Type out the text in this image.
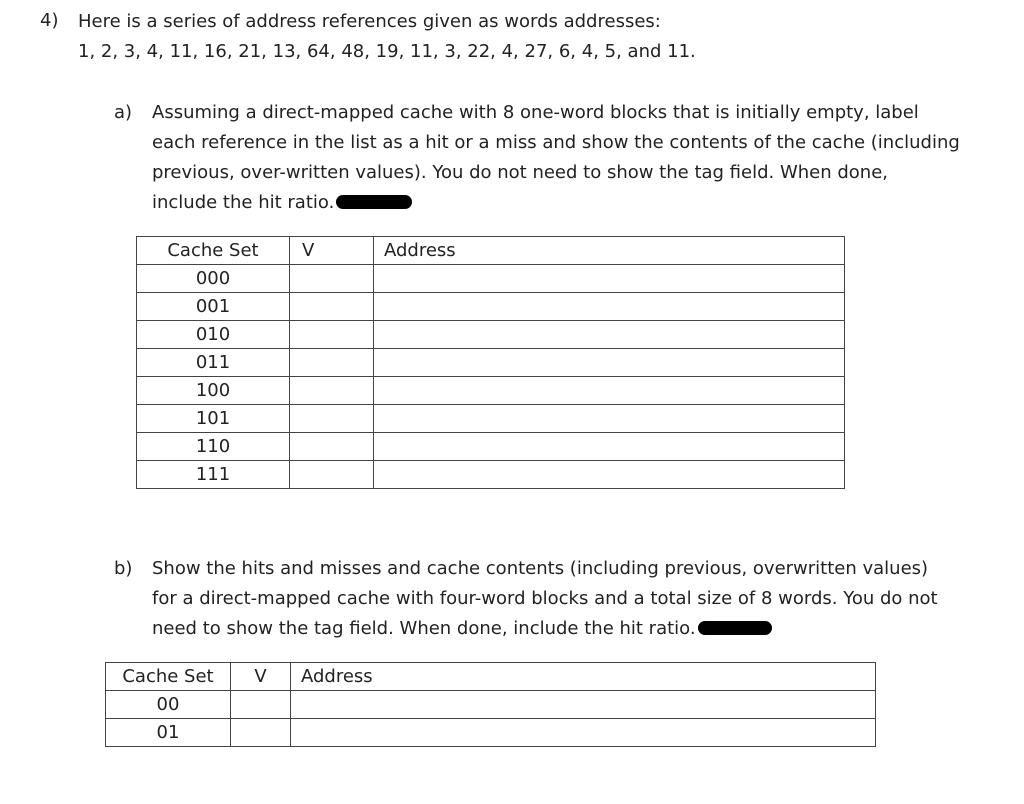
4) Here is a series of address references given as words addresses:
1, 2, 3, 4, 11, 16, 21, 13, 64, 48, 19, 11, 3, 22, 4, 27, 6, 4, 5, and 11.
a) Assuming a direct-mapped cache with 8 one-word blocks that is initially empty, label
each reference in the list as a hit or a miss and show the contents of the cache (including
previous, over-written values). You do not need to show the tag field. When done,
include the hit ratio.
Cache Set	V	Address
000		
001		
010		
011		
100		
101		
110		
111		
b) Show the hits and misses and cache contents (including previous, overwritten values)
for a direct-mapped cache with four-word blocks and a total size of 8 words. You do not
need to show the tag field. When done, include the hit ratio.
Cache Set	V	Address
00		
01		
